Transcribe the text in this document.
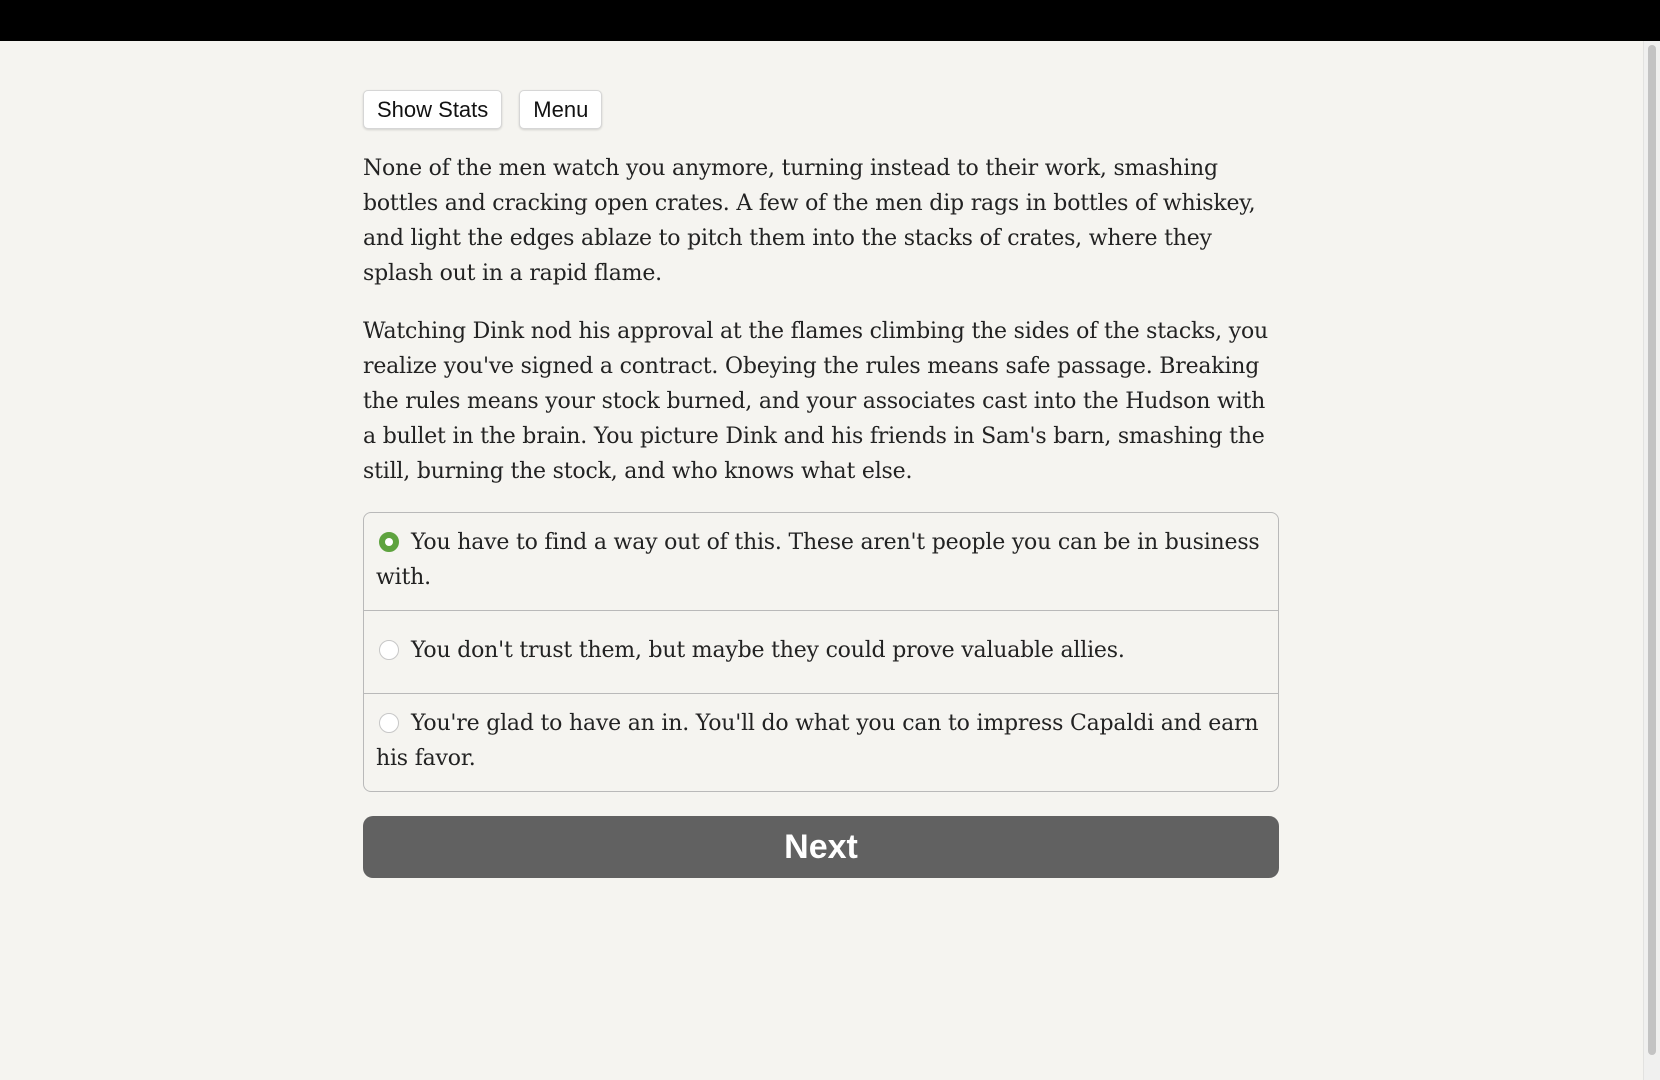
Show Stats	Menu

None of the men watch you anymore, turning instead to their work, smashing bottles and cracking open crates. A few of the men dip rags in bottles of whiskey, and light the edges ablaze to pitch them into the stacks of crates, where they splash out in a rapid flame.

Watching Dink nod his approval at the flames climbing the sides of the stacks, you realize you've signed a contract. Obeying the rules means safe passage. Breaking the rules means your stock burned, and your associates cast into the Hudson with a bullet in the brain. You picture Dink and his friends in Sam's barn, smashing the still, burning the stock, and who knows what else.

You have to find a way out of this. These aren't people you can be in business with.
You don't trust them, but maybe they could prove valuable allies.
You're glad to have an in. You'll do what you can to impress Capaldi and earn his favor.
Next
